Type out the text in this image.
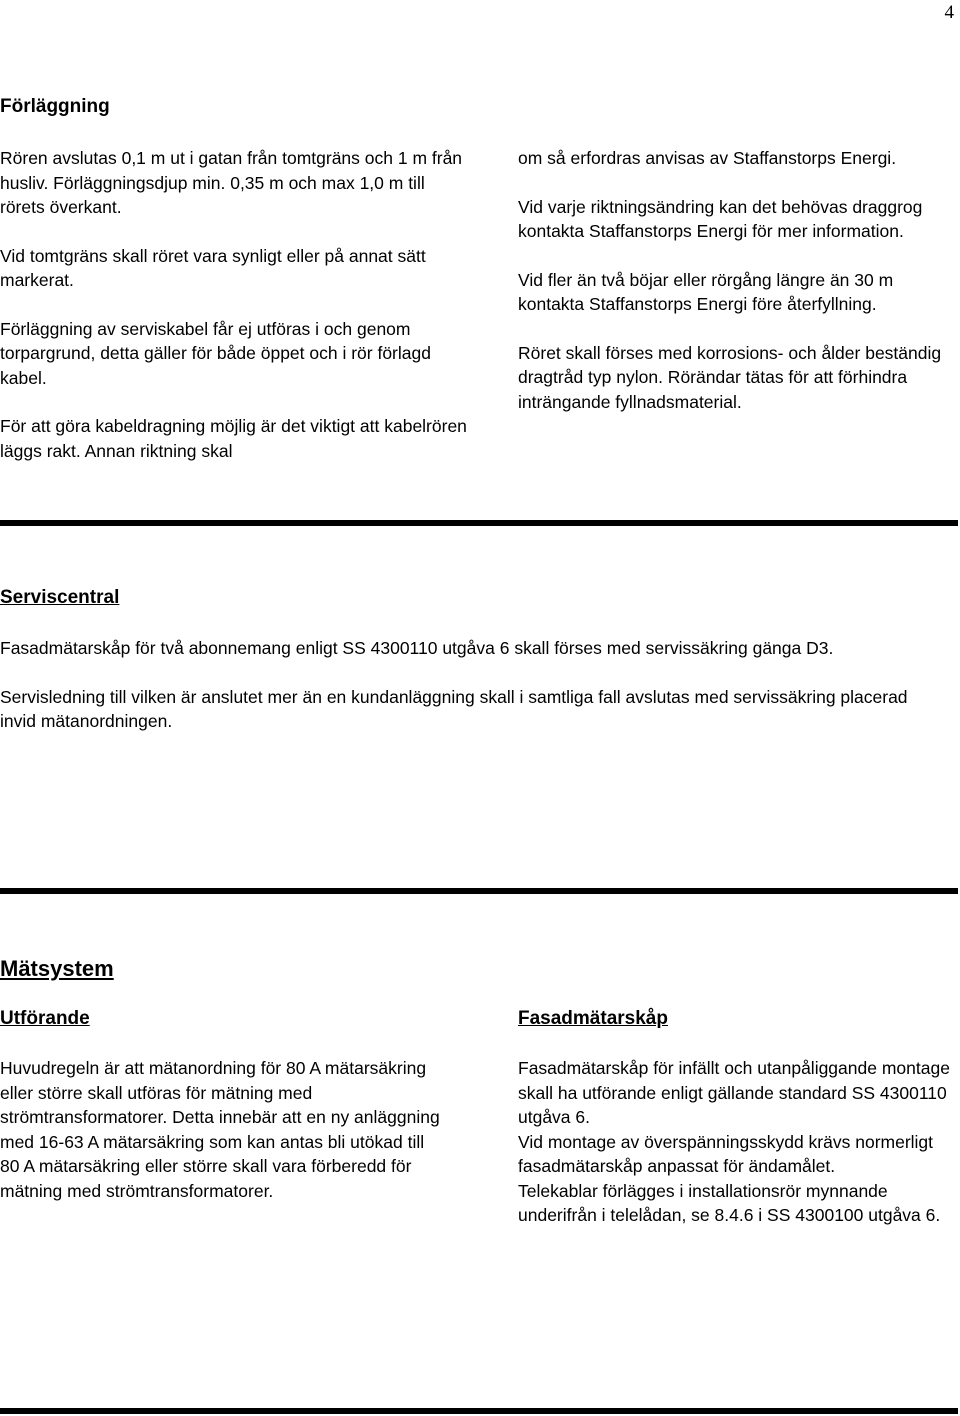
4
Förläggning

Rören avslutas 0,1 m ut i gatan från tomtgräns och 1 m från husliv. Förläggningsdjup min. 0,35 m och max 1,0 m till rörets överkant.

Vid tomtgräns skall röret vara synligt eller på annat sätt markerat.

Förläggning av serviskabel får ej utföras i och genom torpargrund, detta gäller för både öppet och i rör förlagd kabel.

För att göra kabeldragning möjlig är det viktigt att kabelrören läggs rakt. Annan riktning skal

om så erfordras anvisas av Staffanstorps Energi.

Vid varje riktningsändring kan det behövas draggrog kontakta Staffanstorps Energi för mer information.

Vid fler än två böjar eller rörgång längre än 30 m kontakta Staffanstorps Energi före återfyllning.

Röret skall förses med korrosions- och ålder beständig dragtråd typ nylon. Rörändar tätas för att förhindra inträngande fyllnadsmaterial.

Serviscentral

Fasadmätarskåp för två abonnemang enligt SS 4300110 utgåva 6 skall förses med servissäkring gänga D3.

Servisledning till vilken är anslutet mer än en kundanläggning skall i samtliga fall avslutas med servissäkring placerad invid mätanordningen.

Mätsystem
Utförande

Huvudregeln är att mätanordning för 80 A mätarsäkring eller större skall utföras för mätning med strömtransformatorer. Detta innebär att en ny anläggning med 16-63 A mätarsäkring som kan antas bli utökad till 80 A mätarsäkring eller större skall vara förberedd för mätning med strömtransformatorer.

Fasadmätarskåp
Fasadmätarskåp för infällt och utanpåliggande montage skall ha utförande enligt gällande standard SS 4300110 utgåva 6.
Vid montage av överspänningsskydd krävs normerligt fasadmätarskåp anpassat för ändamålet.
Telekablar förlägges i installationsrör mynnande underifrån i telelådan, se 8.4.6 i SS 4300100 utgåva 6.
